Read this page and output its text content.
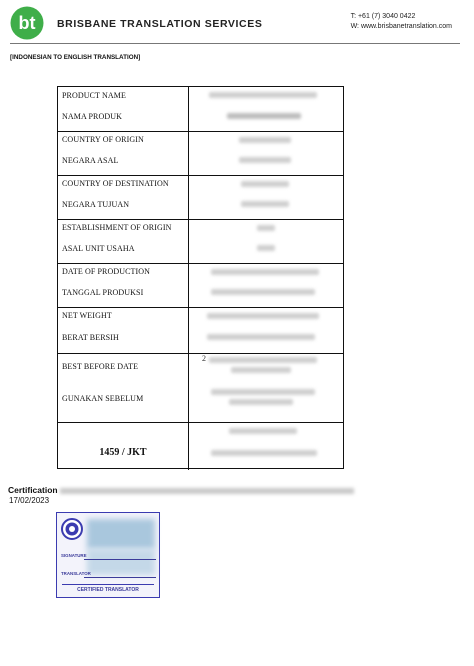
bt BRISBANE TRANSLATION SERVICES
T: +61 (7) 3040 0422
W: www.brisbanetranslation.com
[INDONESIAN TO ENGLISH TRANSLATION]
PRODUCT NAME
NAMA PRODUK
COUNTRY OF ORIGIN
NEGARA ASAL
COUNTRY OF DESTINATION
NEGARA TUJUAN
ESTABLISHMENT OF ORIGIN
ASAL UNIT USAHA
DATE OF PRODUCTION
TANGGAL PRODUKSI
NET WEIGHT
BERAT BERSIH
BEST BEFORE DATE
GUNAKAN SEBELUM
2
1459 / JKT
Certification
17/02/2023
SIGNATURE
TRANSLATOR
CERTIFIED TRANSLATOR
